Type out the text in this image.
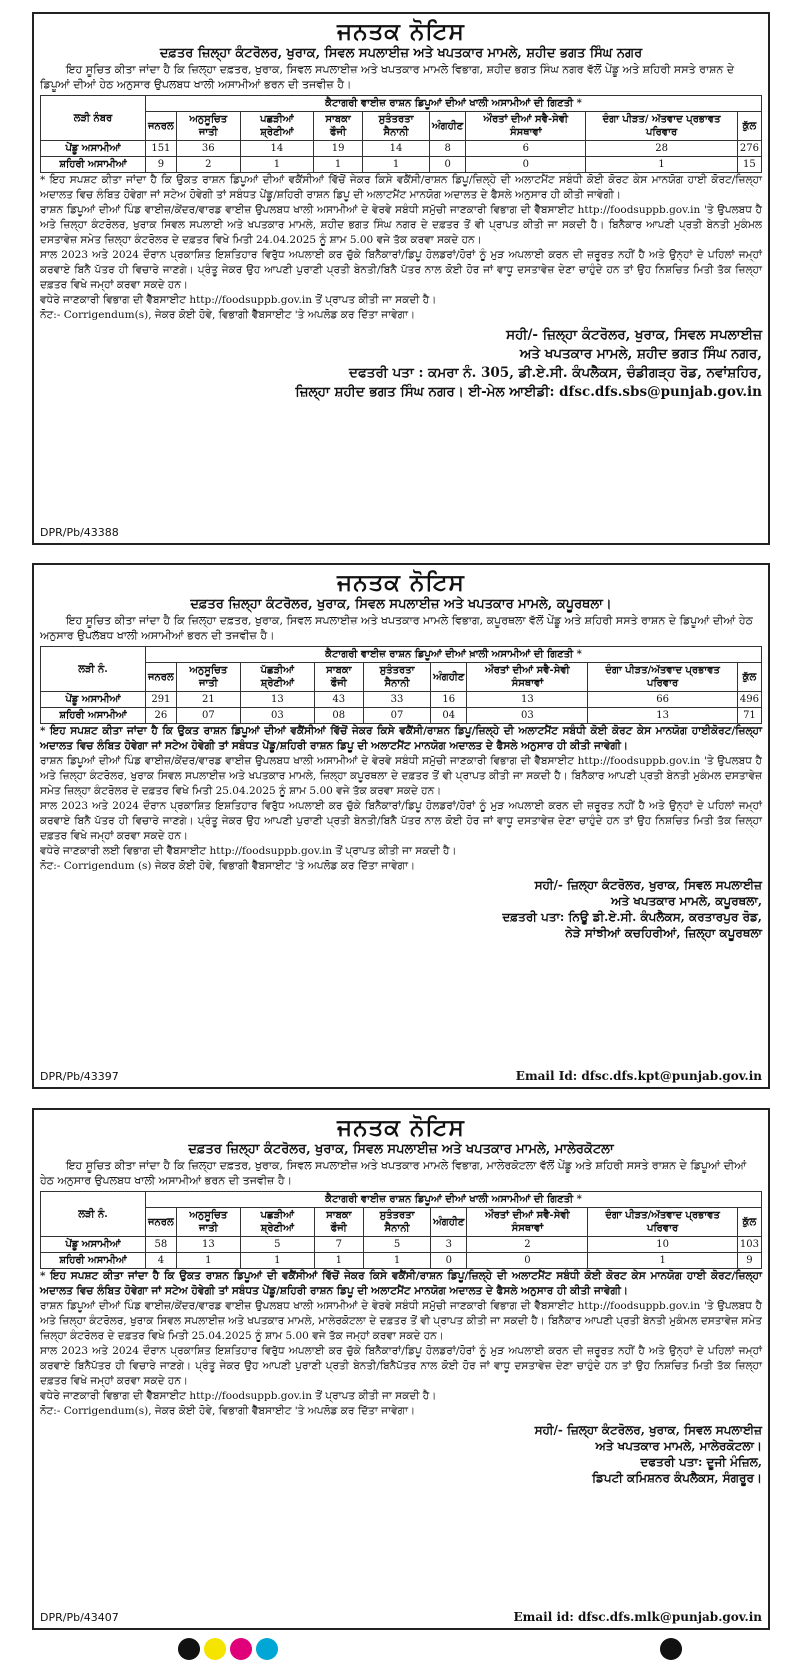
ਜਨਤਕ ਨੋਟਿਸ
ਦਫ਼ਤਰ ਜ਼ਿਲ੍ਹਾ ਕੰਟਰੋਲਰ, ਖੁਰਾਕ, ਸਿਵਲ ਸਪਲਾਈਜ਼ ਅਤੇ ਖਪਤਕਾਰ ਮਾਮਲੇ, ਸ਼ਹੀਦ ਭਗਤ ਸਿੰਘ ਨਗਰ

ਇਹ ਸੂਚਿਤ ਕੀਤਾ ਜਾਂਦਾ ਹੈ ਕਿ ਜ਼ਿਲ੍ਹਾ ਦਫ਼ਤਰ, ਖੁਰਾਕ, ਸਿਵਲ ਸਪਲਾਈਜ਼ ਅਤੇ ਖਪਤਕਾਰ ਮਾਮਲੇ ਵਿਭਾਗ, ਸ਼ਹੀਦ ਭਗਤ ਸਿੰਘ ਨਗਰ ਵੱਲੋਂ ਪੇਂਡੂ ਅਤੇ ਸ਼ਹਿਰੀ ਸਸਤੇ ਰਾਸ਼ਨ ਦੇ ਡਿਪੂਆਂ ਦੀਆਂ ਹੇਠ ਅਨੁਸਾਰ ਉਪਲਬਧ ਖਾਲੀ ਅਸਾਮੀਆਂ ਭਰਨ ਦੀ ਤਜਵੀਜ਼ ਹੈ।

ਲੜੀ ਨੰਬਰ	ਕੈਟਾਗਰੀ ਵਾਈਜ਼ ਰਾਸ਼ਨ ਡਿਪੂਆਂ ਦੀਆਂ ਖਾਲੀ ਅਸਾਮੀਆਂ ਦੀ ਗਿਣਤੀ *								
	ਜਨਰਲ	ਅਨੁਸੂਚਿਤ ਜਾਤੀ	ਪਛੜੀਆਂ ਸ਼੍ਰੇਣੀਆਂ	ਸਾਬਕਾ ਫੌਜੀ	ਸੁਤੰਤਰਤਾ ਸੈਨਾਨੀ	ਅੰਗਹੀਣ	ਔਰਤਾਂ ਦੀਆਂ ਸਵੈ-ਸੇਵੀ ਸੰਸਥਾਵਾਂ	ਦੰਗਾ ਪੀੜਤ/ ਅੱਤਵਾਦ ਪ੍ਰਭਾਵਤ ਪਰਿਵਾਰ	ਕੁੱਲ
ਪੇਂਡੂ ਅਸਾਮੀਆਂ	151	36	14	19	14	8	6	28	276
ਸ਼ਹਿਰੀ ਅਸਾਮੀਆਂ	9	2	1	1	1	0	0	1	15

* ਇਹ ਸਪਸ਼ਟ ਕੀਤਾ ਜਾਂਦਾ ਹੈ ਕਿ ਉਕਤ ਰਾਸ਼ਨ ਡਿਪੂਆਂ ਦੀਆਂ ਵਕੈਂਸੀਆਂ ਵਿੱਚੋਂ ਜੇਕਰ ਕਿਸੇ ਵਕੈਂਸੀ/ਰਾਸ਼ਨ ਡਿਪੂ/ਜ਼ਿਲ੍ਹੇ ਦੀ ਅਲਾਟਮੈਂਟ ਸਬੰਧੀ ਕੋਈ ਕੋਰਟ ਕੇਸ ਮਾਨਯੋਗ ਹਾਈ ਕੋਰਟ/ਜ਼ਿਲ੍ਹਾ ਅਦਾਲਤ ਵਿਚ ਲੰਬਿਤ ਹੋਵੇਗਾ ਜਾਂ ਸਟੇਅ ਹੋਵੇਗੀ ਤਾਂ ਸਬੰਧਤ ਪੇਂਡੂ/ਸ਼ਹਿਰੀ ਰਾਸ਼ਨ ਡਿਪੂ ਦੀ ਅਲਾਟਮੈਂਟ ਮਾਨਯੋਗ ਅਦਾਲਤ ਦੇ ਫੈਸਲੇ ਅਨੁਸਾਰ ਹੀ ਕੀਤੀ ਜਾਵੇਗੀ।

ਰਾਸ਼ਨ ਡਿਪੂਆਂ ਦੀਆਂ ਪਿੰਡ ਵਾਈਜ਼/ਕੇਂਦਰ/ਵਾਰਡ ਵਾਈਜ਼ ਉਪਲਬਧ ਖਾਲੀ ਅਸਾਮੀਆਂ ਦੇ ਵੇਰਵੇ ਸਬੰਧੀ ਸਮੁੱਚੀ ਜਾਣਕਾਰੀ ਵਿਭਾਗ ਦੀ ਵੈੱਬਸਾਈਟ http://foodsuppb.gov.in 'ਤੇ ਉਪਲਬਧ ਹੈ ਅਤੇ ਜ਼ਿਲ੍ਹਾ ਕੰਟਰੋਲਰ, ਖੁਰਾਕ ਸਿਵਲ ਸਪਲਾਈ ਅਤੇ ਖਪਤਕਾਰ ਮਾਮਲੇ, ਸ਼ਹੀਦ ਭਗਤ ਸਿੰਘ ਨਗਰ ਦੇ ਦਫ਼ਤਰ ਤੋਂ ਵੀ ਪ੍ਰਾਪਤ ਕੀਤੀ ਜਾ ਸਕਦੀ ਹੈ। ਬਿਨੈਕਾਰ ਆਪਣੀ ਪ੍ਰਤੀ ਬੇਨਤੀ ਮੁਕੰਮਲ ਦਸਤਾਵੇਜ਼ ਸਮੇਤ ਜ਼ਿਲ੍ਹਾ ਕੰਟਰੋਲਰ ਦੇ ਦਫ਼ਤਰ ਵਿਖੇ ਮਿਤੀ 24.04.2025 ਨੂੰ ਸ਼ਾਮ 5.00 ਵਜੇ ਤੱਕ ਕਰਵਾ ਸਕਦੇ ਹਨ।

ਸਾਲ 2023 ਅਤੇ 2024 ਦੌਰਾਨ ਪ੍ਰਕਾਸ਼ਿਤ ਇਸ਼ਤਿਹਾਰ ਵਿਰੁੱਧ ਅਪਲਾਈ ਕਰ ਚੁੱਕੇ ਬਿਨੈਕਾਰਾਂ/ਡਿਪੂ ਹੋਲਡਰਾਂ/ਹੋਰਾਂ ਨੂੰ ਮੁੜ ਅਪਲਾਈ ਕਰਨ ਦੀ ਜ਼ਰੂਰਤ ਨਹੀਂ ਹੈ ਅਤੇ ਉਨ੍ਹਾਂ ਦੇ ਪਹਿਲਾਂ ਜਮ੍ਹਾਂ ਕਰਵਾਏ ਬਿਨੈ ਪੱਤਰ ਹੀ ਵਿਚਾਰੇ ਜਾਣਗੇ। ਪ੍ਰੰਤੂ ਜੇਕਰ ਉਹ ਆਪਣੀ ਪੁਰਾਣੀ ਪ੍ਰਤੀ ਬੇਨਤੀ/ਬਿਨੈ ਪੱਤਰ ਨਾਲ ਕੋਈ ਹੋਰ ਜਾਂ ਵਾਧੂ ਦਸਤਾਵੇਜ਼ ਦੇਣਾ ਚਾਹੁੰਦੇ ਹਨ ਤਾਂ ਉਹ ਨਿਸ਼ਚਿਤ ਮਿਤੀ ਤੱਕ ਜ਼ਿਲ੍ਹਾ ਦਫ਼ਤਰ ਵਿਖੇ ਜਮ੍ਹਾਂ ਕਰਵਾ ਸਕਦੇ ਹਨ।

ਵਧੇਰੇ ਜਾਣਕਾਰੀ ਵਿਭਾਗ ਦੀ ਵੈੱਬਸਾਈਟ http://foodsuppb.gov.in ਤੋਂ ਪ੍ਰਾਪਤ ਕੀਤੀ ਜਾ ਸਕਦੀ ਹੈ।

ਨੋਟ:- Corrigendum(s), ਜੇਕਰ ਕੋਈ ਹੋਵੇ, ਵਿਭਾਗੀ ਵੈੱਬਸਾਈਟ 'ਤੇ ਅਪਲੋਡ ਕਰ ਦਿੱਤਾ ਜਾਵੇਗਾ।

ਸਹੀ/- ਜ਼ਿਲ੍ਹਾ ਕੰਟਰੋਲਰ, ਖੁਰਾਕ, ਸਿਵਲ ਸਪਲਾਈਜ਼
ਅਤੇ ਖਪਤਕਾਰ ਮਾਮਲੇ, ਸ਼ਹੀਦ ਭਗਤ ਸਿੰਘ ਨਗਰ,
ਦਫਤਰੀ ਪਤਾ : ਕਮਰਾ ਨੰ. 305, ਡੀ.ਏ.ਸੀ. ਕੰਪਲੈਕਸ, ਚੰਡੀਗੜ੍ਹ ਰੋਡ, ਨਵਾਂਸ਼ਹਿਰ,
ਜ਼ਿਲ੍ਹਾ ਸ਼ਹੀਦ ਭਗਤ ਸਿੰਘ ਨਗਰ। ਈ-ਮੇਲ ਆਈਡੀ: dfsc.dfs.sbs@punjab.gov.in
DPR/Pb/43388
ਜਨਤਕ ਨੋਟਿਸ
ਦਫ਼ਤਰ ਜ਼ਿਲ੍ਹਾ ਕੰਟਰੋਲਰ, ਖੁਰਾਕ, ਸਿਵਲ ਸਪਲਾਈਜ਼ ਅਤੇ ਖਪਤਕਾਰ ਮਾਮਲੇ, ਕਪੂਰਥਲਾ।

ਇਹ ਸੂਚਿਤ ਕੀਤਾ ਜਾਂਦਾ ਹੈ ਕਿ ਜ਼ਿਲ੍ਹਾ ਦਫ਼ਤਰ, ਖੁਰਾਕ, ਸਿਵਲ ਸਪਲਾਈਜ਼ ਅਤੇ ਖਪਤਕਾਰ ਮਾਮਲੇ ਵਿਭਾਗ, ਕਪੂਰਥਲਾ ਵੱਲੋਂ ਪੇਂਡੂ ਅਤੇ ਸ਼ਹਿਰੀ ਸਸਤੇ ਰਾਸ਼ਨ ਦੇ ਡਿਪੂਆਂ ਦੀਆਂ ਹੇਠ ਅਨੁਸਾਰ ਉਪਲੱਬਧ ਖਾਲੀ ਅਸਾਮੀਆਂ ਭਰਨ ਦੀ ਤਜਵੀਜ਼ ਹੈ।

ਲੜੀ ਨੰ.	ਕੈਟਾਗਰੀ ਵਾਈਜ਼ ਰਾਸ਼ਨ ਡਿਪੂਆਂ ਦੀਆਂ ਖ਼ਾਲੀ ਅਸਾਮੀਆਂ ਦੀ ਗਿਣਤੀ *								
	ਜਨਰਲ	ਅਨੁਸੂਚਿਤ ਜਾਤੀ	ਪੱਛੜੀਆਂ ਸ਼੍ਰੇਣੀਆਂ	ਸਾਬਕਾ ਫੌਜੀ	ਸੁਤੰਤਰਤਾ ਸੈਨਾਨੀ	ਅੰਗਹੀਣ	ਔਰਤਾਂ ਦੀਆਂ ਸਵੈ-ਸੇਵੀ ਸੰਸਥਾਵਾਂ	ਦੰਗਾ ਪੀੜਤ/ਅੱਤਵਾਦ ਪ੍ਰਭਾਵਤ ਪਰਿਵਾਰ	ਕੁੱਲ
ਪੇਂਡੂ ਅਸਾਮੀਆਂ	291	21	13	43	33	16	13	66	496
ਸ਼ਹਿਰੀ ਅਸਾਮੀਆਂ	26	07	03	08	07	04	03	13	71

* ਇਹ ਸਪਸ਼ਟ ਕੀਤਾ ਜਾਂਦਾ ਹੈ ਕਿ ਉਕਤ ਰਾਸ਼ਨ ਡਿਪੂਆਂ ਦੀਆਂ ਵਕੈਂਸੀਆਂ ਵਿੱਚੋਂ ਜੇਕਰ ਕਿਸੇ ਵਕੈਂਸੀ/ਰਾਸ਼ਨ ਡਿਪੂ/ਜ਼ਿਲ੍ਹੇ ਦੀ ਅਲਾਟਮੈਂਟ ਸਬੰਧੀ ਕੋਈ ਕੋਰਟ ਕੇਸ ਮਾਨਯੋਗ ਹਾਈਕੋਰਟ/ਜ਼ਿਲ੍ਹਾ ਅਦਾਲਤ ਵਿਚ ਲੰਬਿਤ ਹੋਵੇਗਾ ਜਾਂ ਸਟੇਅ ਹੋਵੇਗੀ ਤਾਂ ਸਬੰਧਤ ਪੇਂਡੂ/ਸ਼ਹਿਰੀ ਰਾਸ਼ਨ ਡਿਪੂ ਦੀ ਅਲਾਟਮੈਂਟ ਮਾਨਯੋਗ ਅਦਾਲਤ ਦੇ ਫੈਸਲੇ ਅਨੁਸਾਰ ਹੀ ਕੀਤੀ ਜਾਵੇਗੀ।

ਰਾਸ਼ਨ ਡਿਪੂਆਂ ਦੀਆਂ ਪਿੰਡ ਵਾਈਜ਼/ਕੇਂਦਰ/ਵਾਰਡ ਵਾਈਜ਼ ਉਪਲਬਧ ਖਾਲੀ ਅਸਾਮੀਆਂ ਦੇ ਵੇਰਵੇ ਸਬੰਧੀ ਸਮੁੱਚੀ ਜਾਣਕਾਰੀ ਵਿਭਾਗ ਦੀ ਵੈੱਬਸਾਈਟ http://foodsuppb.gov.in 'ਤੇ ਉਪਲਬਧ ਹੈ ਅਤੇ ਜ਼ਿਲ੍ਹਾ ਕੰਟਰੋਲਰ, ਖੁਰਾਕ ਸਿਵਲ ਸਪਲਾਈਜ਼ ਅਤੇ ਖਪਤਕਾਰ ਮਾਮਲੇ, ਜ਼ਿਲ੍ਹਾ ਕਪੂਰਥਲਾ ਦੇ ਦਫ਼ਤਰ ਤੋਂ ਵੀ ਪ੍ਰਾਪਤ ਕੀਤੀ ਜਾ ਸਕਦੀ ਹੈ। ਬਿਨੈਕਾਰ ਆਪਣੀ ਪ੍ਰਤੀ ਬੇਨਤੀ ਮੁਕੰਮਲ ਦਸਤਾਵੇਜ਼ ਸਮੇਤ ਜ਼ਿਲ੍ਹਾ ਕੰਟਰੋਲਰ ਦੇ ਦਫ਼ਤਰ ਵਿਖੇ ਮਿਤੀ 25.04.2025 ਨੂੰ ਸ਼ਾਮ 5.00 ਵਜੇ ਤੱਕ ਕਰਵਾ ਸਕਦੇ ਹਨ।

ਸਾਲ 2023 ਅਤੇ 2024 ਦੌਰਾਨ ਪ੍ਰਕਾਸ਼ਿਤ ਇਸ਼ਤਿਹਾਰ ਵਿਰੁੱਧ ਅਪਲਾਈ ਕਰ ਚੁੱਕੇ ਬਿਨੈਕਾਰਾਂ/ਡਿਪੂ ਹੋਲਡਰਾਂ/ਹੋਰਾਂ ਨੂੰ ਮੁੜ ਅਪਲਾਈ ਕਰਨ ਦੀ ਜ਼ਰੂਰਤ ਨਹੀਂ ਹੈ ਅਤੇ ਉਨ੍ਹਾਂ ਦੇ ਪਹਿਲਾਂ ਜਮ੍ਹਾਂ ਕਰਵਾਏ ਬਿਨੈ ਪੱਤਰ ਹੀ ਵਿਚਾਰੇ ਜਾਣਗੇ। ਪ੍ਰੰਤੂ ਜੇਕਰ ਉਹ ਆਪਣੀ ਪੁਰਾਣੀ ਪ੍ਰਤੀ ਬੇਨਤੀ/ਬਿਨੈ ਪੱਤਰ ਨਾਲ ਕੋਈ ਹੋਰ ਜਾਂ ਵਾਧੂ ਦਸਤਾਵੇਜ਼ ਦੇਣਾ ਚਾਹੁੰਦੇ ਹਨ ਤਾਂ ਉਹ ਨਿਸ਼ਚਿਤ ਮਿਤੀ ਤੱਕ ਜ਼ਿਲ੍ਹਾ ਦਫ਼ਤਰ ਵਿਖੇ ਜਮ੍ਹਾਂ ਕਰਵਾ ਸਕਦੇ ਹਨ।

ਵਧੇਰੇ ਜਾਣਕਾਰੀ ਲਈ ਵਿਭਾਗ ਦੀ ਵੈੱਬਸਾਈਟ http://foodsuppb.gov.in ਤੋਂ ਪ੍ਰਾਪਤ ਕੀਤੀ ਜਾ ਸਕਦੀ ਹੈ।

ਨੋਟ:- Corrigendum (s) ਜੇਕਰ ਕੋਈ ਹੋਵੇ, ਵਿਭਾਗੀ ਵੈੱਬਸਾਈਟ 'ਤੇ ਅਪਲੋਡ ਕਰ ਦਿੱਤਾ ਜਾਵੇਗਾ।

ਸਹੀ/- ਜ਼ਿਲ੍ਹਾ ਕੰਟਰੋਲਰ, ਖੁਰਾਕ, ਸਿਵਲ ਸਪਲਾਈਜ਼
ਅਤੇ ਖਪਤਕਾਰ ਮਾਮਲੇ, ਕਪੂਰਥਲਾ,
ਦਫ਼ਤਰੀ ਪਤਾ: ਨਿਊ ਡੀ.ਏ.ਸੀ. ਕੰਪਲੈਕਸ, ਕਰਤਾਰਪੁਰ ਰੋਡ,
ਨੇੜੇ ਸਾਂਝੀਆਂ ਕਚਹਿਰੀਆਂ, ਜ਼ਿਲ੍ਹਾ ਕਪੂਰਥਲਾ
Email Id: dfsc.dfs.kpt@punjab.gov.in
DPR/Pb/43397
ਜਨਤਕ ਨੋਟਿਸ
ਦਫ਼ਤਰ ਜ਼ਿਲ੍ਹਾ ਕੰਟਰੋਲਰ, ਖੁਰਾਕ, ਸਿਵਲ ਸਪਲਾਈਜ਼ ਅਤੇ ਖਪਤਕਾਰ ਮਾਮਲੇ, ਮਾਲੇਰਕੋਟਲਾ

ਇਹ ਸੂਚਿਤ ਕੀਤਾ ਜਾਂਦਾ ਹੈ ਕਿ ਜ਼ਿਲ੍ਹਾ ਦਫ਼ਤਰ, ਖੁਰਾਕ, ਸਿਵਲ ਸਪਲਾਈਜ਼ ਅਤੇ ਖਪਤਕਾਰ ਮਾਮਲੇ ਵਿਭਾਗ, ਮਾਲੇਰਕੋਟਲਾ ਵੱਲੋਂ ਪੇਂਡੂ ਅਤੇ ਸ਼ਹਿਰੀ ਸਸਤੇ ਰਾਸ਼ਨ ਦੇ ਡਿਪੂਆਂ ਦੀਆਂ ਹੇਠ ਅਨੁਸਾਰ ਉਪਲਬਧ ਖਾਲੀ ਅਸਾਮੀਆਂ ਭਰਨ ਦੀ ਤਜਵੀਜ਼ ਹੈ।

ਲੜੀ ਨੰ.	ਕੈਟਾਗਰੀ ਵਾਈਜ਼ ਰਾਸ਼ਨ ਡਿਪੂਆਂ ਦੀਆਂ ਖਾਲੀ ਅਸਾਮੀਆਂ ਦੀ ਗਿਣਤੀ *								
	ਜਨਰਲ	ਅਨੁਸੂਚਿਤ ਜਾਤੀ	ਪਛੜੀਆਂ ਸ਼੍ਰੇਣੀਆਂ	ਸਾਬਕਾ ਫੌਜੀ	ਸੁਤੰਤਰਤਾ ਸੈਨਾਨੀ	ਅੰਗਹੀਣ	ਔਰਤਾਂ ਦੀਆਂ ਸਵੈ-ਸੇਵੀ ਸੰਸਥਾਵਾਂ	ਦੰਗਾ ਪੀੜਤ/ਅੱਤਵਾਦ ਪ੍ਰਭਾਵਤ ਪਰਿਵਾਰ	ਕੁੱਲ
ਪੇਂਡੂ ਅਸਾਮੀਆਂ	58	13	5	7	5	3	2	10	103
ਸ਼ਹਿਰੀ ਅਸਾਮੀਆਂ	4	1	1	1	1	0	0	1	9

* ਇਹ ਸਪਸ਼ਟ ਕੀਤਾ ਜਾਂਦਾ ਹੈ ਕਿ ਉਕਤ ਰਾਸ਼ਨ ਡਿਪੂਆਂ ਦੀ ਵਕੈਂਸੀਆਂ ਵਿੱਚੋਂ ਜੇਕਰ ਕਿਸੇ ਵਕੈਂਸੀ/ਰਾਸ਼ਨ ਡਿਪੂ/ਜ਼ਿਲ੍ਹੇ ਦੀ ਅਲਾਟਮੈਂਟ ਸਬੰਧੀ ਕੋਈ ਕੋਰਟ ਕੇਸ ਮਾਨਯੋਗ ਹਾਈ ਕੋਰਟ/ਜ਼ਿਲ੍ਹਾ ਅਦਾਲਤ ਵਿਚ ਲੰਬਿਤ ਹੋਵੇਗਾ ਜਾਂ ਸਟੇਅ ਹੋਵੇਗੀ ਤਾਂ ਸਬੰਧਤ ਪੇਂਡੂ/ਸ਼ਹਿਰੀ ਰਾਸ਼ਨ ਡਿਪੂ ਦੀ ਅਲਾਟਮੈਂਟ ਮਾਨਯੋਗ ਅਦਾਲਤ ਦੇ ਫੈਸਲੇ ਅਨੁਸਾਰ ਹੀ ਕੀਤੀ ਜਾਵੇਗੀ।

ਰਾਸ਼ਨ ਡਿਪੂਆਂ ਦੀਆਂ ਪਿੰਡ ਵਾਈਜ਼/ਕੇਂਦਰ/ਵਾਰਡ ਵਾਈਜ਼ ਉਪਲਬਧ ਖਾਲੀ ਅਸਾਮੀਆਂ ਦੇ ਵੇਰਵੇ ਸਬੰਧੀ ਸਮੁੱਚੀ ਜਾਣਕਾਰੀ ਵਿਭਾਗ ਦੀ ਵੈੱਬਸਾਈਟ http://foodsuppb.gov.in 'ਤੇ ਉਪਲਬਧ ਹੈ ਅਤੇ ਜ਼ਿਲ੍ਹਾ ਕੰਟਰੋਲਰ, ਖੁਰਾਕ ਸਿਵਲ ਸਪਲਾਈਜ਼ ਅਤੇ ਖਪਤਕਾਰ ਮਾਮਲੇ, ਮਾਲੇਰਕੋਟਲਾ ਦੇ ਦਫ਼ਤਰ ਤੋਂ ਵੀ ਪ੍ਰਾਪਤ ਕੀਤੀ ਜਾ ਸਕਦੀ ਹੈ। ਬਿਨੈਕਾਰ ਆਪਣੀ ਪ੍ਰਤੀ ਬੇਨਤੀ ਮੁਕੰਮਲ ਦਸਤਾਵੇਜ਼ ਸਮੇਤ ਜ਼ਿਲ੍ਹਾ ਕੰਟਰੋਲਰ ਦੇ ਦਫ਼ਤਰ ਵਿਖੇ ਮਿਤੀ 25.04.2025 ਨੂੰ ਸ਼ਾਮ 5.00 ਵਜੇ ਤੱਕ ਜਮ੍ਹਾਂ ਕਰਵਾ ਸਕਦੇ ਹਨ।

ਸਾਲ 2023 ਅਤੇ 2024 ਦੌਰਾਨ ਪ੍ਰਕਾਸ਼ਿਤ ਇਸ਼ਤਿਹਾਰ ਵਿਰੁੱਧ ਅਪਲਾਈ ਕਰ ਚੁੱਕੇ ਬਿਨੈਕਾਰਾਂ/ਡਿਪੂ ਹੋਲਡਰਾਂ/ਹੋਰਾਂ ਨੂੰ ਮੁੜ ਅਪਲਾਈ ਕਰਨ ਦੀ ਜ਼ਰੂਰਤ ਨਹੀਂ ਹੈ ਅਤੇ ਉਨ੍ਹਾਂ ਦੇ ਪਹਿਲਾਂ ਜਮ੍ਹਾਂ ਕਰਵਾਏ ਬਿਨੈਪੱਤਰ ਹੀ ਵਿਚਾਰੇ ਜਾਣਗੇ। ਪ੍ਰੰਤੂ ਜੇਕਰ ਉਹ ਆਪਣੀ ਪੁਰਾਣੀ ਪ੍ਰਤੀ ਬੇਨਤੀ/ਬਿਨੈਪੱਤਰ ਨਾਲ ਕੋਈ ਹੋਰ ਜਾਂ ਵਾਧੂ ਦਸਤਾਵੇਜ਼ ਦੇਣਾ ਚਾਹੁੰਦੇ ਹਨ ਤਾਂ ਉਹ ਨਿਸ਼ਚਿਤ ਮਿਤੀ ਤੱਕ ਜ਼ਿਲ੍ਹਾ ਦਫ਼ਤਰ ਵਿਖੇ ਜਮ੍ਹਾਂ ਕਰਵਾ ਸਕਦੇ ਹਨ।

ਵਧੇਰੇ ਜਾਣਕਾਰੀ ਵਿਭਾਗ ਦੀ ਵੈੱਬਸਾਈਟ http://foodsuppb.gov.in ਤੋਂ ਪ੍ਰਾਪਤ ਕੀਤੀ ਜਾ ਸਕਦੀ ਹੈ।

ਨੋਟ:- Corrigendum(s), ਜੇਕਰ ਕੋਈ ਹੋਵੇ, ਵਿਭਾਗੀ ਵੈੱਬਸਾਈਟ 'ਤੇ ਅਪਲੋਡ ਕਰ ਦਿੱਤਾ ਜਾਵੇਗਾ।

ਸਹੀ/- ਜ਼ਿਲ੍ਹਾ ਕੰਟਰੋਲਰ, ਖੁਰਾਕ, ਸਿਵਲ ਸਪਲਾਈਜ਼
ਅਤੇ ਖਪਤਕਾਰ ਮਾਮਲੇ, ਮਾਲੇਰਕੋਟਲਾ।
ਦਫਤਰੀ ਪਤਾ: ਦੂਜੀ ਮੰਜ਼ਿਲ,
ਡਿਪਟੀ ਕਮਿਸ਼ਨਰ ਕੰਪਲੈਕਸ, ਸੰਗਰੂਰ।
Email id: dfsc.dfs.mlk@punjab.gov.in
DPR/Pb/43407
